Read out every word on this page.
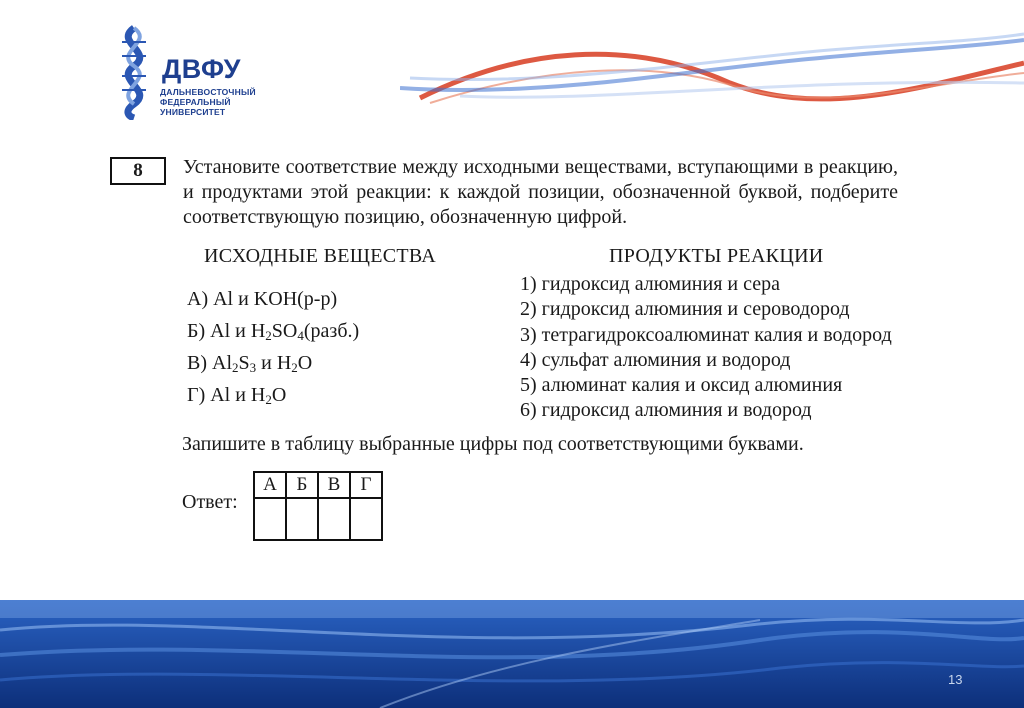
ДВФУ
ДАЛЬНЕВОСТОЧНЫЙ
ФЕДЕРАЛЬНЫЙ
УНИВЕРСИТЕТ
8	Установите соответствие между исходными веществами, вступающими в реакцию, и продуктами этой реакции: к каждой позиции, обозначенной буквой, подберите соответствующую позицию, обозначенную цифрой.
ИСХОДНЫЕ ВЕЩЕСТВА	ПРОДУКТЫ РЕАКЦИИ
А) Al и KOH(р-р)
Б) Al и $H_2SO_4(разб.)$
В) $Al_2S_3$ и $H_2O$
Г) Al и $H_2O$
1) гидроксид алюминия и сера
2) гидроксид алюминия и сероводород
3) тетрагидроксоалюминат калия и водород
4) сульфат алюминия и водород
5) алюминат калия и оксид алюминия
6) гидроксид алюминия и водород
Запишите в таблицу выбранные цифры под соответствующими буквами.
Ответ:
А	Б	В	Г

13
